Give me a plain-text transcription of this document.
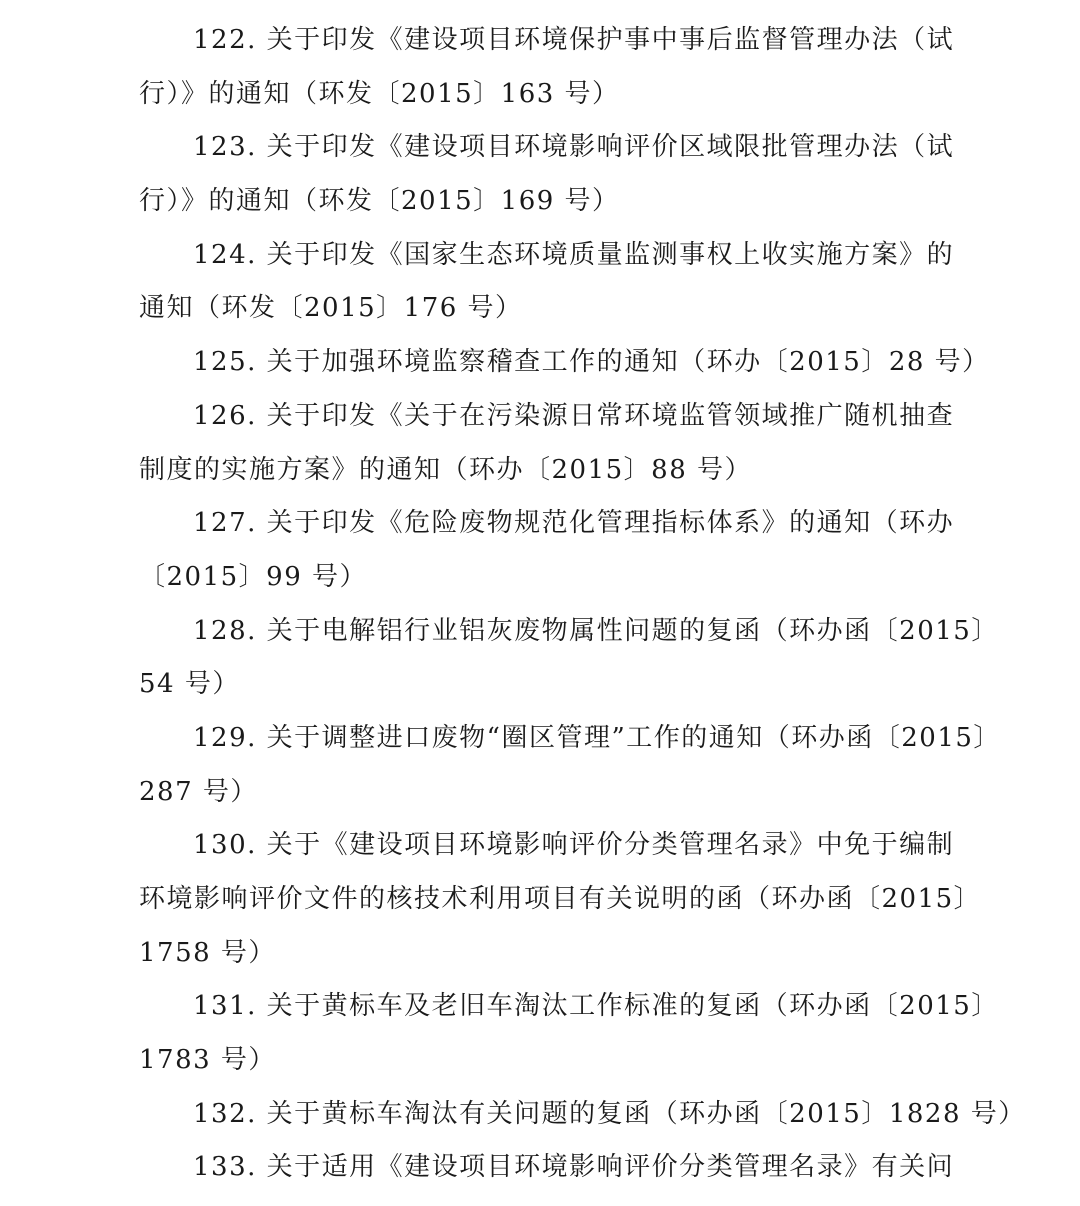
122. 关于印发《建设项目环境保护事中事后监督管理办法（试
行）》的通知（环发〔2015〕163 号）
123. 关于印发《建设项目环境影响评价区域限批管理办法（试
行）》的通知（环发〔2015〕169 号）
124. 关于印发《国家生态环境质量监测事权上收实施方案》的
通知（环发〔2015〕176 号）
125. 关于加强环境监察稽查工作的通知（环办〔2015〕28 号）
126. 关于印发《关于在污染源日常环境监管领域推广随机抽查
制度的实施方案》的通知（环办〔2015〕88 号）
127. 关于印发《危险废物规范化管理指标体系》的通知（环办
〔2015〕99 号）
128. 关于电解铝行业铝灰废物属性问题的复函（环办函〔2015〕
54 号）
129. 关于调整进口废物“圈区管理”工作的通知（环办函〔2015〕
287 号）
130. 关于《建设项目环境影响评价分类管理名录》中免于编制
环境影响评价文件的核技术利用项目有关说明的函（环办函〔2015〕
1758 号）
131. 关于黄标车及老旧车淘汰工作标准的复函（环办函〔2015〕
1783 号）
132. 关于黄标车淘汰有关问题的复函（环办函〔2015〕1828 号）
133. 关于适用《建设项目环境影响评价分类管理名录》有关问
